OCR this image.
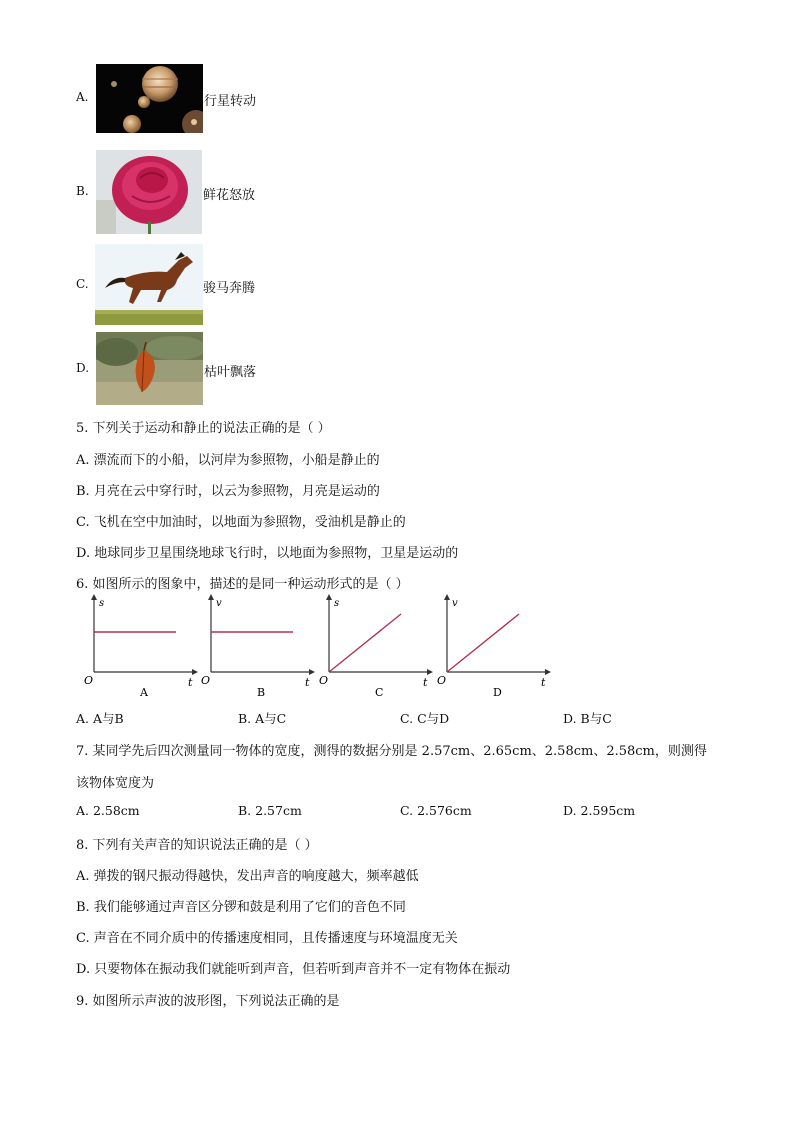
A.	行星转动
B.	鲜花怒放
C.	骏马奔腾
D.	枯叶飘落
5. 下列关于运动和静止的说法正确的是（ ）
A. 漂流而下的小船，以河岸为参照物，小船是静止的
B. 月亮在云中穿行时，以云为参照物，月亮是运动的
C. 飞机在空中加油时，以地面为参照物，受油机是静止的
D. 地球同步卫星围绕地球飞行时，以地面为参照物，卫星是运动的
6. 如图所示的图象中，描述的是同一种运动形式的是（ ）
s
O	t
A
v
O	t
B
s
O	t
C
v
O	t
D
A. A与B	B. A与C	C. C与D	D. B与C
7. 某同学先后四次测量同一物体的宽度，测得的数据分别是 2.57cm、2.65cm、2.58cm、2.58cm，则测得
该物体宽度为
A. 2.58cm	B. 2.57cm	C. 2.576cm	D. 2.595cm
8. 下列有关声音的知识说法正确的是（ ）
A. 弹拨的钢尺振动得越快，发出声音的响度越大，频率越低
B. 我们能够通过声音区分锣和鼓是利用了它们的音色不同
C. 声音在不同介质中的传播速度相同，且传播速度与环境温度无关
D. 只要物体在振动我们就能听到声音，但若听到声音并不一定有物体在振动
9. 如图所示声波的波形图，下列说法正确的是
